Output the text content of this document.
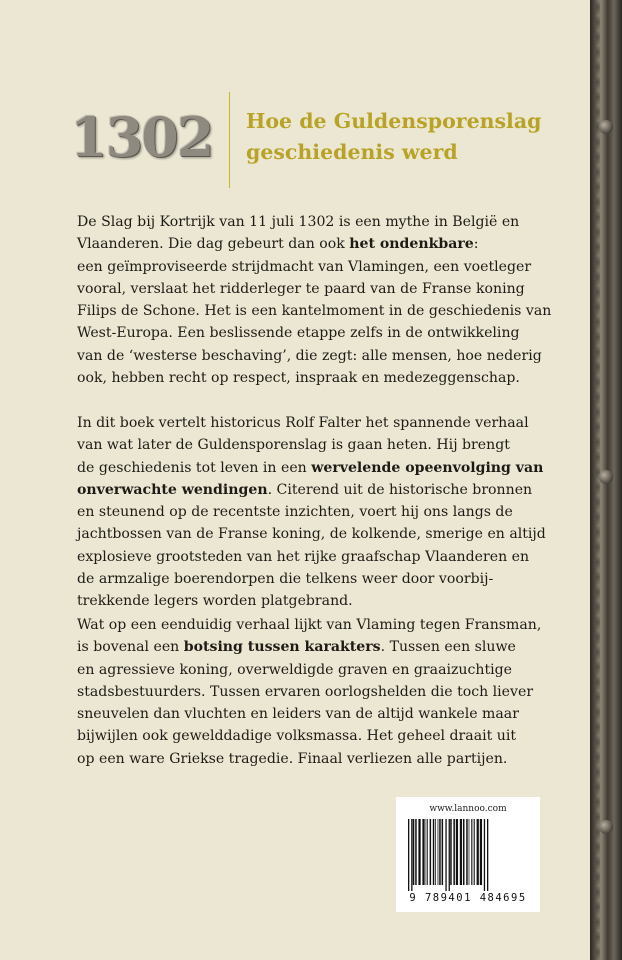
1302	Hoe de Guldensporenslag
geschiedenis werd
De Slag bij Kortrijk van 11 juli 1302 is een mythe in België en
Vlaanderen. Die dag gebeurt dan ook het ondenkbare:
een geïmproviseerde strijdmacht van Vlamingen, een voetleger
vooral, verslaat het ridderleger te paard van de Franse koning
Filips de Schone. Het is een kantelmoment in de geschiedenis van
West-Europa. Een beslissende etappe zelfs in de ontwikkeling
van de ‘westerse beschaving’, die zegt: alle mensen, hoe nederig
ook, hebben recht op respect, inspraak en medezeggenschap.
In dit boek vertelt historicus Rolf Falter het spannende verhaal
van wat later de Guldensporenslag is gaan heten. Hij brengt
de geschiedenis tot leven in een wervelende opeenvolging van
onverwachte wendingen. Citerend uit de historische bronnen
en steunend op de recentste inzichten, voert hij ons langs de
jachtbossen van de Franse koning, de kolkende, smerige en altijd
explosieve grootsteden van het rijke graafschap Vlaanderen en
de armzalige boerendorpen die telkens weer door voorbij-
trekkende legers worden platgebrand.
Wat op een eenduidig verhaal lijkt van Vlaming tegen Fransman,
is bovenal een botsing tussen karakters. Tussen een sluwe
en agressieve koning, overweldigde graven en graaizuchtige
stadsbestuurders. Tussen ervaren oorlogshelden die toch liever
sneuvelen dan vluchten en leiders van de altijd wankele maar
bijwijlen ook gewelddadige volksmassa. Het geheel draait uit
op een ware Griekse tragedie. Finaal verliezen alle partijen.
www.lannoo.com
9 789401 484695
